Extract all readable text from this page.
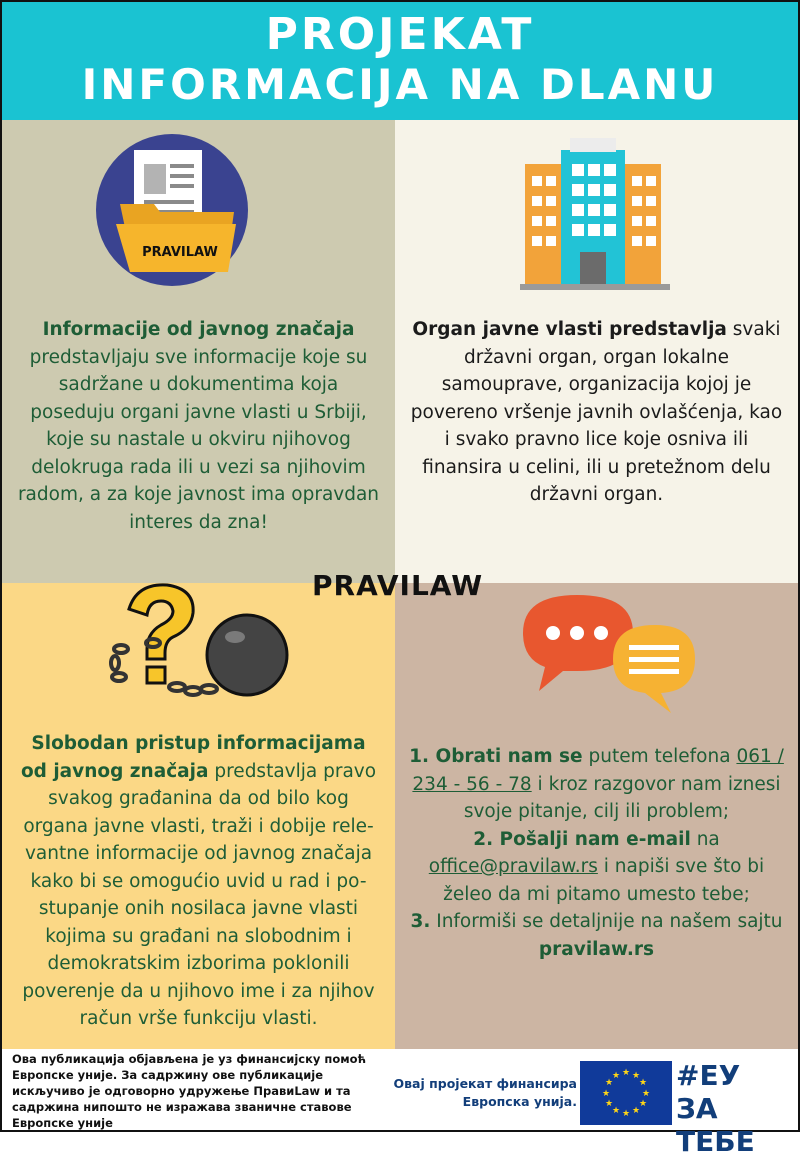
PROJEKAT
INFORMACIJA NA DLANU
PRAVILAW
Informacije od javnog značaja predstavljaju sve informacije koje su sadržane u dokumentima koja poseduju organi javne vlasti u Srbiji, koje su nastale u okviru njihovog delokruga rada ili u vezi sa njihovim radom, a za koje javnost ima opravdan interes da zna!
Organ javne vlasti predstavlja svaki državni organ, organ lokalne samouprave, organizacija kojoj je povereno vršenje javnih ovlašćenja, kao i svako pravno lice koje osniva ili finansira u celini, ili u pretežnom delu državni organ.
Slobodan pristup informacijama od javnog značaja predstavlja pravo svakog građanina da od bilo kog organa javne vlasti, traži i dobije rele-vantne informacije od javnog značaja kako bi se omogućio uvid u rad i po-stupanje onih nosilaca javne vlasti kojima su građani na slobodnim i demokratskim izborima poklonili poverenje da u njihovo ime i za njihov račun vrše funkciju vlasti.
1. Obrati nam se putem telefona 061 / 234 - 56 - 78 i kroz razgovor nam iznesi svoje pitanje, cilj ili problem;
2. Pošalji nam e-mail na office@pravilaw.rs i napiši sve što bi želeo da mi pitamo umesto tebe;
3. Informiši se detaljnije na našem sajtu pravilaw.rs
PRAVILAW
Ова публикација објављена је уз финансијску помоћ Европске уније. За садржину ове публикације искључиво је одговорно удружење ПравиLaw и та садржина нипошто не изражава званичне ставове Европске уније
Овај пројекат финансира Европска унија.
★ ★
★
★
★
★
★
★
★
★
★
★ #ЕУ
ЗА ТЕБЕ
